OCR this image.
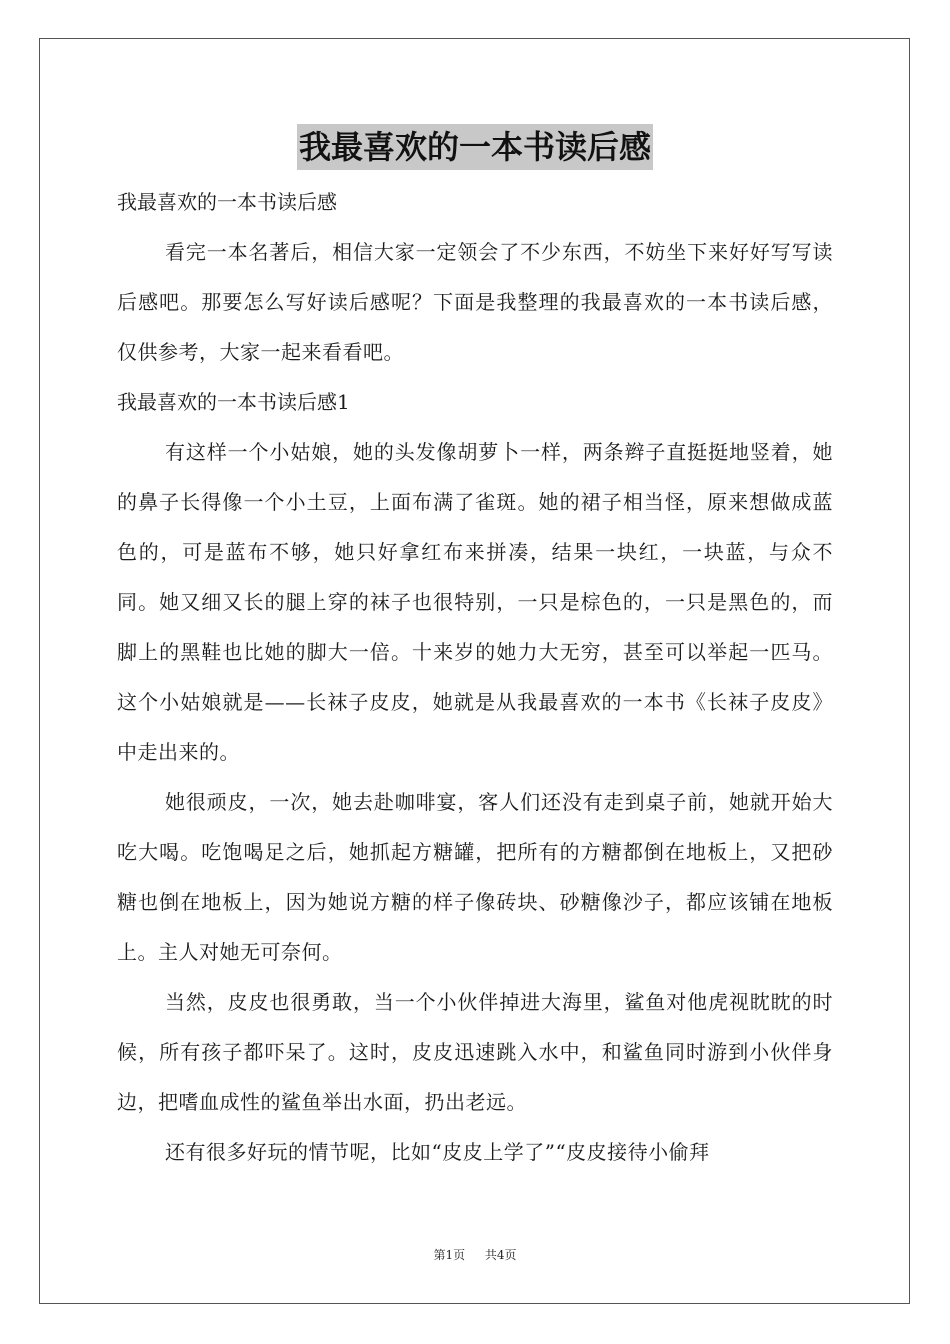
我最喜欢的一本书读后感
我最喜欢的一本书读后感

看完一本名著后，相信大家一定领会了不少东西，不妨坐下来好好写写读后感吧。那要怎么写好读后感呢？下面是我整理的我最喜欢的一本书读后感，仅供参考，大家一起来看看吧。

我最喜欢的一本书读后感1

有这样一个小姑娘，她的头发像胡萝卜一样，两条辫子直挺挺地竖着，她的鼻子长得像一个小土豆，上面布满了雀斑。她的裙子相当怪，原来想做成蓝色的，可是蓝布不够，她只好拿红布来拼凑，结果一块红，一块蓝，与众不同。她又细又长的腿上穿的袜子也很特别，一只是棕色的，一只是黑色的，而脚上的黑鞋也比她的脚大一倍。十来岁的她力大无穷，甚至可以举起一匹马。这个小姑娘就是——长袜子皮皮，她就是从我最喜欢的一本书《长袜子皮皮》中走出来的。

她很顽皮，一次，她去赴咖啡宴，客人们还没有走到桌子前，她就开始大吃大喝。吃饱喝足之后，她抓起方糖罐，把所有的方糖都倒在地板上，又把砂糖也倒在地板上，因为她说方糖的样子像砖块、砂糖像沙子，都应该铺在地板上。主人对她无可奈何。

当然，皮皮也很勇敢，当一个小伙伴掉进大海里，鲨鱼对他虎视眈眈的时候，所有孩子都吓呆了。这时，皮皮迅速跳入水中，和鲨鱼同时游到小伙伴身边，把嗜血成性的鲨鱼举出水面，扔出老远。

还有很多好玩的情节呢，比如“皮皮上学了”“皮皮接待小偷拜

第1页 共4页
